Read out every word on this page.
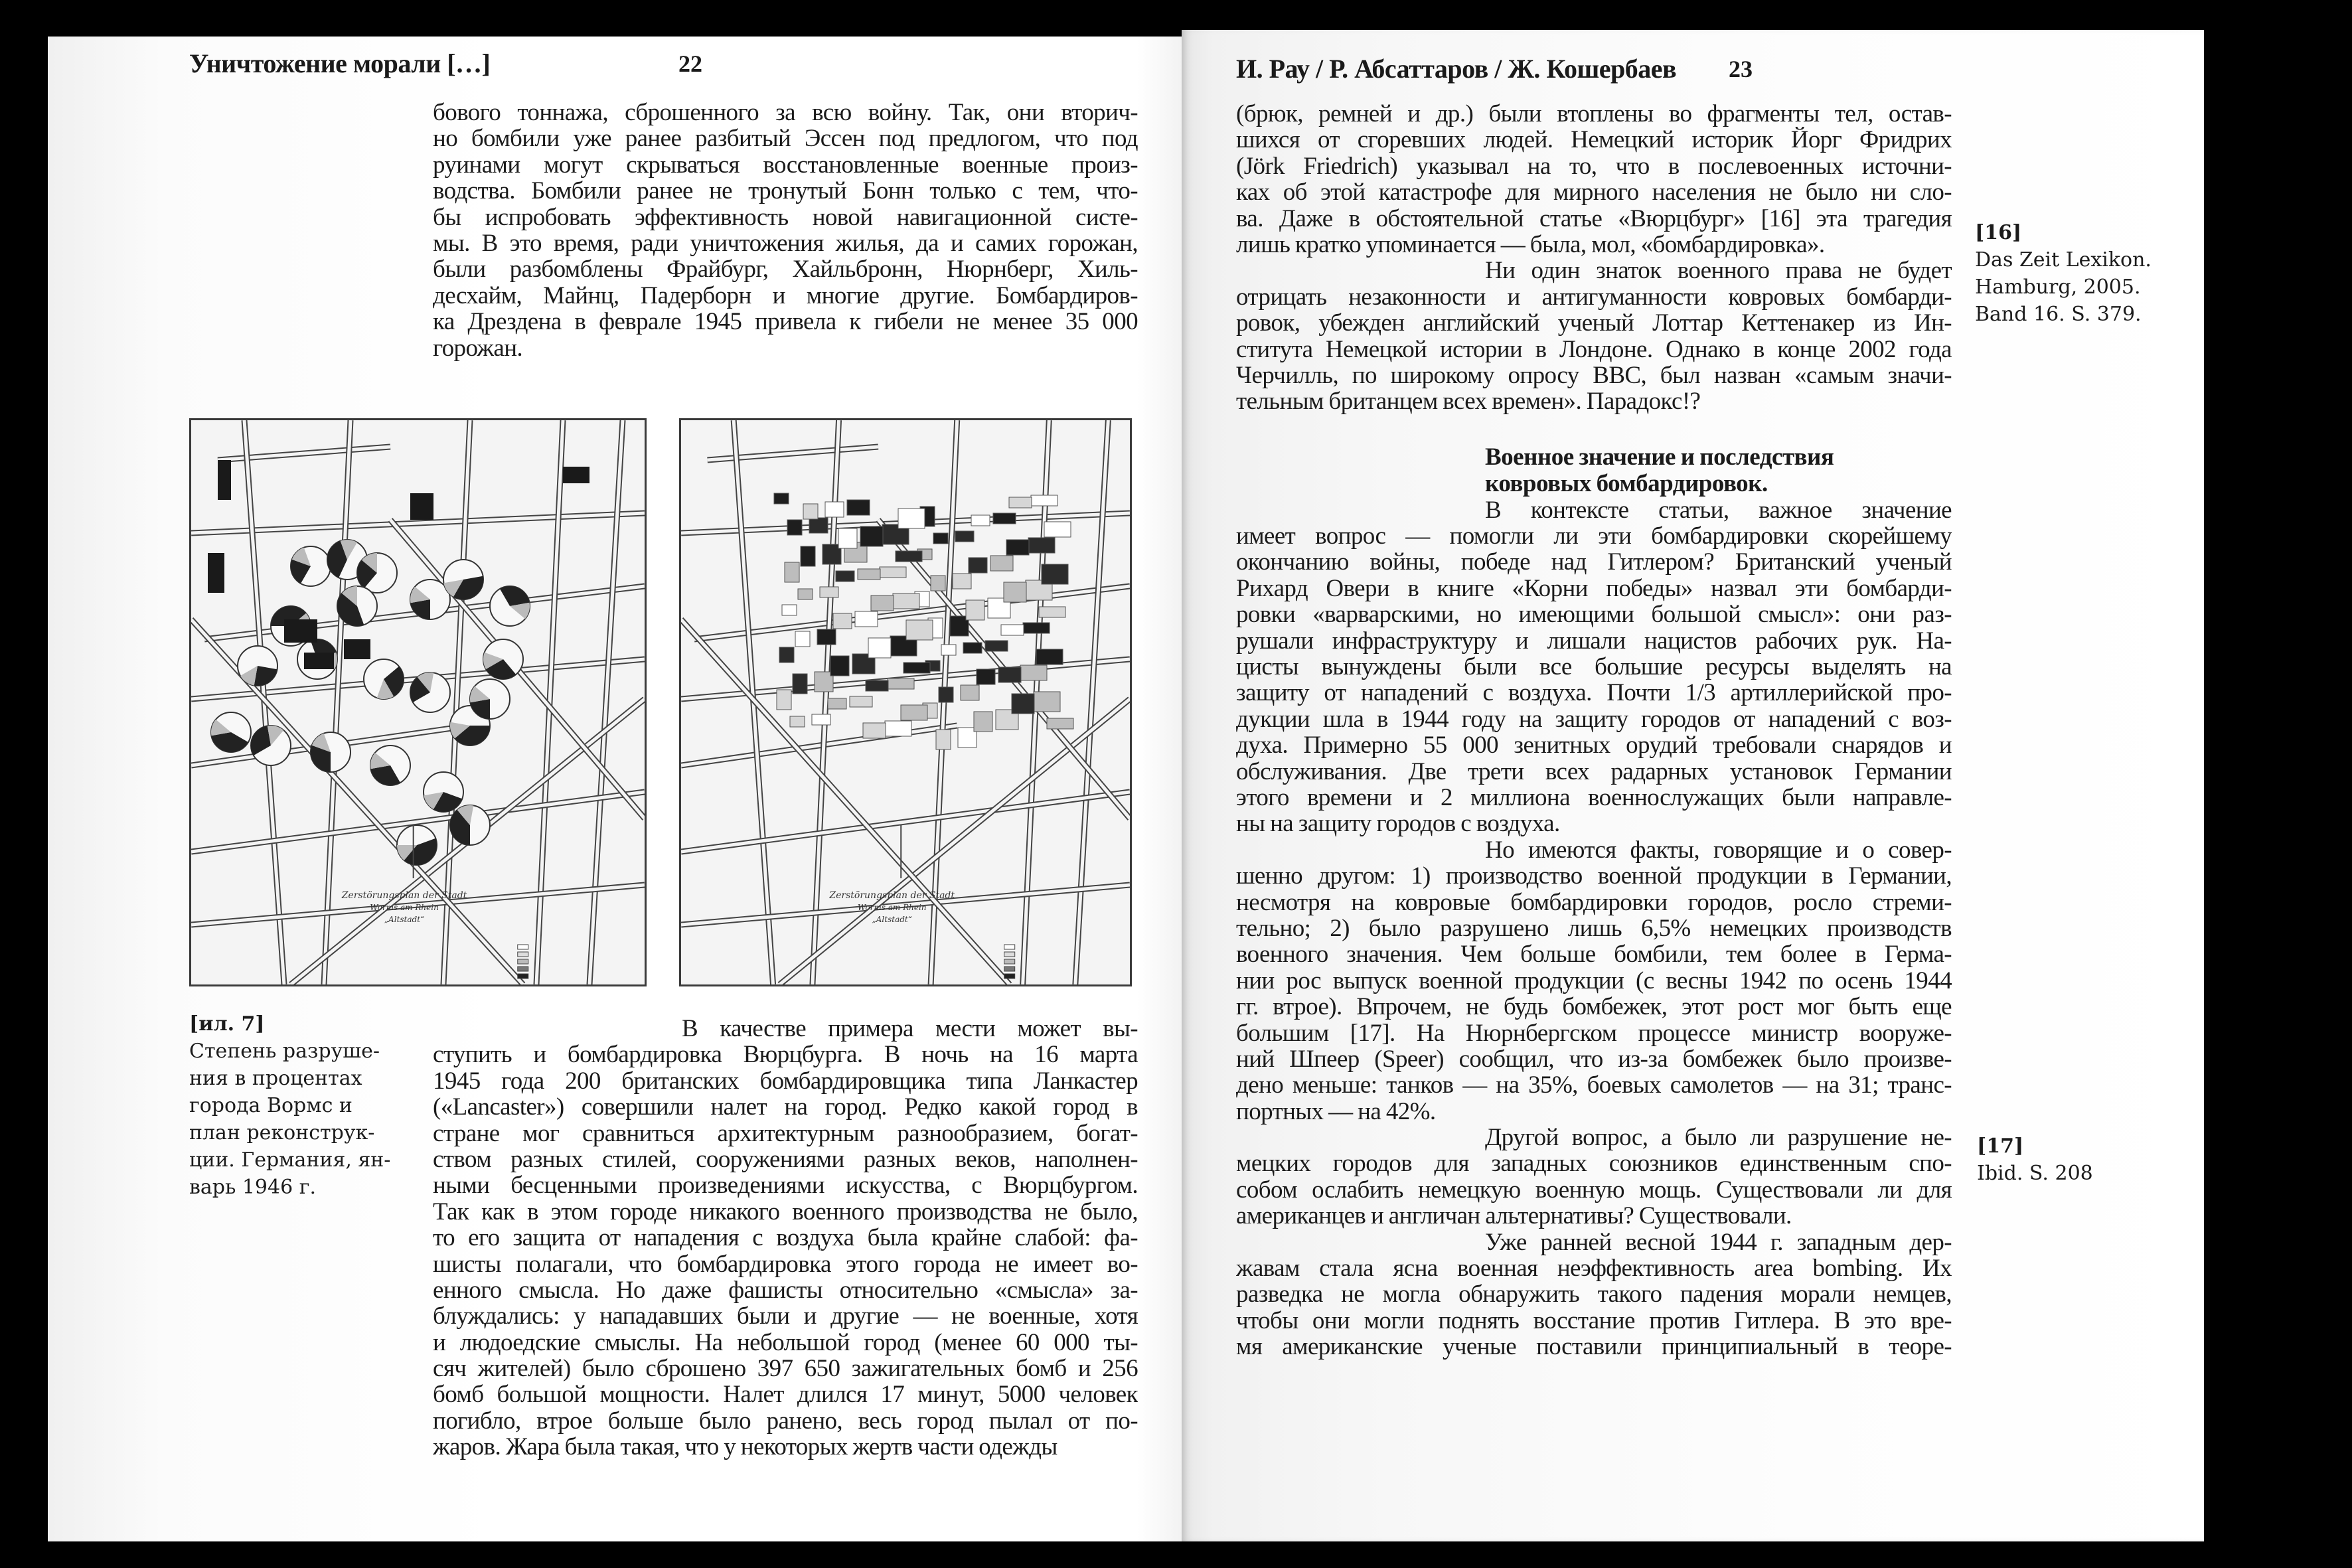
Уничтожение морали […]	22
бового тоннажа, сброшенного за всю войну. Так, они вторич-
но бомбили уже ранее разбитый Эссен под предлогом, что под
руинами могут скрываться восстановленные военные произ-
водства. Бомбили ранее не тронутый Бонн только с тем, что-
бы испробовать эффективность новой навигационной систе-
мы. В это время, ради уничтожения жилья, да и самих горожан,
были разбомблены Фрайбург, Хайльбронн, Нюрнберг, Хиль-
десхайм, Майнц, Падерборн и многие другие. Бомбардиров-
ка Дрездена в феврале 1945 привела к гибели не менее 35 000
горожан.
Zerstörungsplan der Stadt
Worms am Rhein
„Altstadt“
Zerstörungsplan der Stadt
Worms am Rhein
„Altstadt“
[ил. 7]
Степень разруше-
ния в процентах
города Вормс и
план реконструк-
ции. Германия, ян-
варь 1946 г.
В качестве примера мести может вы-
ступить и бомбардировка Вюрцбурга. В ночь на 16 марта
1945 года 200 британских бомбардировщика типа Ланкастер
(«Lancaster») совершили налет на город. Редко какой город в
стране мог сравниться архитектурным разнообразием, богат-
ством разных стилей, сооружениями разных веков, наполнен-
ными бесценными произведениями искусства, с Вюрцбургом.
Так как в этом городе никакого военного производства не было,
то его защита от нападения с воздуха была крайне слабой: фа-
шисты полагали, что бомбардировка этого города не имеет во-
енного смысла. Но даже фашисты относительно «смысла» за-
блуждались: у нападавших были и другие — не военные, хотя
и людоедские смыслы. На небольшой город (менее 60 000 ты-
сяч жителей) было сброшено 397 650 зажигательных бомб и 256
бомб большой мощности. Налет длился 17 минут, 5000 человек
погибло, втрое больше было ранено, весь город пылал от по-
жаров. Жара была такая, что у некоторых жертв части одежды
И. Рау / Р. Абсаттаров / Ж. Кошербаев 23
(брюк, ремней и др.) были втоплены во фрагменты тел, остав-
шихся от сгоревших людей. Немецкий историк Йорг Фридрих
(Jörk Friedrich) указывал на то, что в послевоенных источни-
ках об этой катастрофе для мирного населения не было ни сло-
ва. Даже в обстоятельной статье «Вюрцбург» [16] эта трагедия
лишь кратко упоминается — была, мол, «бомбардировка».
Ни один знаток военного права не будет
отрицать незаконности и антигуманности ковровых бомбарди-
ровок, убежден английский ученый Лоттар Кеттенакер из Ин-
ститута Немецкой истории в Лондоне. Однако в конце 2002 года
Черчилль, по широкому опросу BBC, был назван «самым значи-
тельным британцем всех времен». Парадокс!?
Военное значение и последствия
ковровых бомбардировок.
В контексте статьи, важное значение
имеет вопрос — помогли ли эти бомбардировки скорейшему
окончанию войны, победе над Гитлером? Британский ученый
Рихард Овери в книге «Корни победы» назвал эти бомбарди-
ровки «варварскими, но имеющими большой смысл»: они раз-
рушали инфраструктуру и лишали нацистов рабочих рук. На-
цисты вынуждены были все большие ресурсы выделять на
защиту от нападений с воздуха. Почти 1/3 артиллерийской про-
дукции шла в 1944 году на защиту городов от нападений с воз-
духа. Примерно 55 000 зенитных орудий требовали снарядов и
обслуживания. Две трети всех радарных установок Германии
этого времени и 2 миллиона военнослужащих были направле-
ны на защиту городов с воздуха.
Но имеются факты, говорящие и о совер-
шенно другом: 1) производство военной продукции в Германии,
несмотря на ковровые бомбардировки городов, росло стреми-
тельно; 2) было разрушено лишь 6,5% немецких производств
военного значения. Чем больше бомбили, тем более в Герма-
нии рос выпуск военной продукции (с весны 1942 по осень 1944
гг. втрое). Впрочем, не будь бомбежек, этот рост мог быть еще
большим [17]. На Нюрнбергском процессе министр вооруже-
ний Шпеер (Speer) сообщил, что из-за бомбежек было произве-
дено меньше: танков — на 35%, боевых самолетов — на 31; транс-
портных — на 42%.
Другой вопрос, а было ли разрушение не-
мецких городов для западных союзников единственным спо-
собом ослабить немецкую военную мощь. Существовали ли для
американцев и англичан альтернативы? Существовали.
Уже ранней весной 1944 г. западным дер-
жавам стала ясна военная неэффективность area bombing. Их
разведка не могла обнаружить такого падения морали немцев,
чтобы они могли поднять восстание против Гитлера. В это вре-
мя американские ученые поставили принципиальный в теоре-
[16]
Das Zeit Lexikon.
Hamburg, 2005.
Band 16. S. 379.
[17]
Ibid. S. 208
